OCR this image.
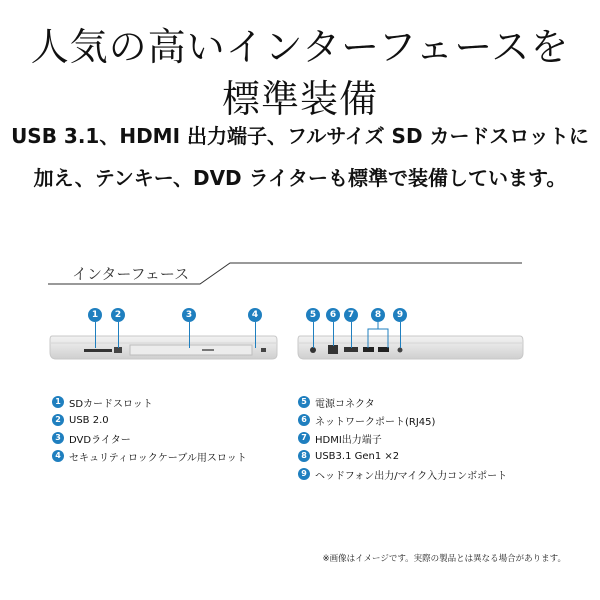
人気の高いインターフェースを
標準装備
USB 3.1、HDMI 出力端子、フルサイズ SD カードスロットに
加え、テンキー、DVD ライターも標準で装備しています。
インターフェース
1	2	3	4	5	6	7	8	9
1 SDカードスロット
2 USB 2.0
3 DVDライター
4 セキュリティロックケーブル用スロット
5 電源コネクタ
6 ネットワークポート(RJ45)
7 HDMI出力端子
8 USB3.1 Gen1 ×2
9 ヘッドフォン出力/マイク入力コンボポート
※画像はイメージです。実際の製品とは異なる場合があります。
